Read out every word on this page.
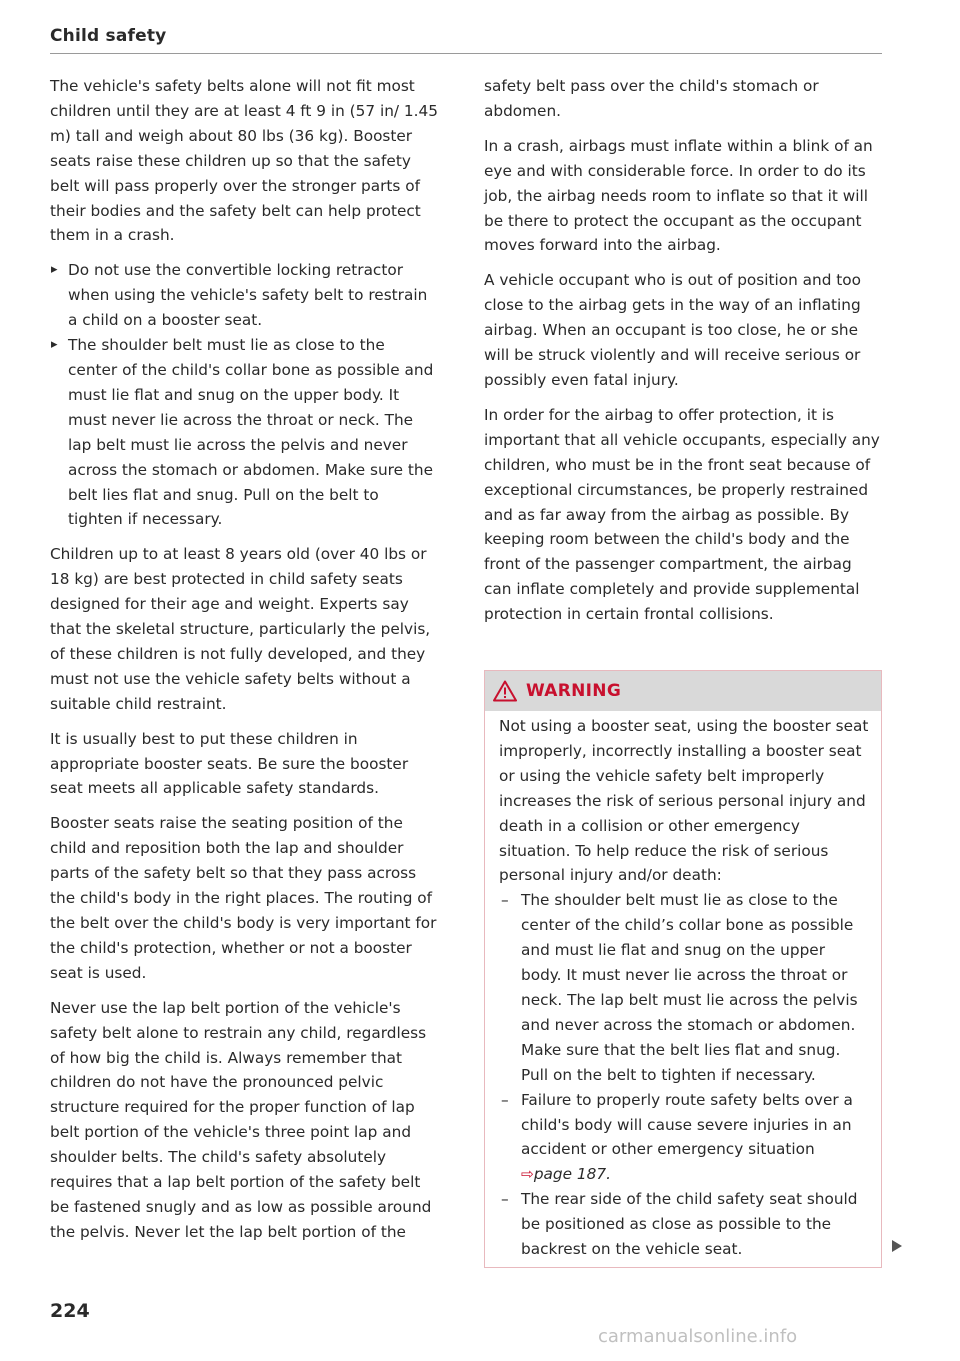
Child safety

The vehicle's safety belts alone will not fit most children until they are at least 4 ft 9 in (57 in/ 1.45 m) tall and weigh about 80 lbs (36 kg). Booster seats raise these children up so that the safety belt will pass properly over the stronger parts of their bodies and the safety belt can help protect them in a crash.

▸ Do not use the convertible locking retractor when using the vehicle's safety belt to restrain a child on a booster seat.
▸ The shoulder belt must lie as close to the center of the child's collar bone as possible and must lie flat and snug on the upper body. It must never lie across the throat or neck. The lap belt must lie across the pelvis and never across the stomach or abdomen. Make sure the belt lies flat and snug. Pull on the belt to tighten if necessary.

Children up to at least 8 years old (over 40 lbs or 18 kg) are best protected in child safety seats designed for their age and weight. Experts say that the skeletal structure, particularly the pelvis, of these children is not fully developed, and they must not use the vehicle safety belts without a suitable child restraint.

It is usually best to put these children in appropriate booster seats. Be sure the booster seat meets all applicable safety standards.

Booster seats raise the seating position of the child and reposition both the lap and shoulder parts of the safety belt so that they pass across the child's body in the right places. The routing of the belt over the child's body is very important for the child's protection, whether or not a booster seat is used.

Never use the lap belt portion of the vehicle's safety belt alone to restrain any child, regardless of how big the child is. Always remember that children do not have the pronounced pelvic structure required for the proper function of lap belt portion of the vehicle's three point lap and shoulder belts. The child's safety absolutely requires that a lap belt portion of the safety belt be fastened snugly and as low as possible around the pelvis. Never let the lap belt portion of the

safety belt pass over the child's stomach or abdomen.

In a crash, airbags must inflate within a blink of an eye and with considerable force. In order to do its job, the airbag needs room to inflate so that it will be there to protect the occupant as the occupant moves forward into the airbag.

A vehicle occupant who is out of position and too close to the airbag gets in the way of an inflating airbag. When an occupant is too close, he or she will be struck violently and will receive serious or possibly even fatal injury.

In order for the airbag to offer protection, it is important that all vehicle occupants, especially any children, who must be in the front seat because of exceptional circumstances, be properly restrained and as far away from the airbag as possible. By keeping room between the child's body and the front of the passenger compartment, the airbag can inflate completely and provide supplemental protection in certain frontal collisions.

WARNING

Not using a booster seat, using the booster seat improperly, incorrectly installing a booster seat or using the vehicle safety belt improperly increases the risk of serious personal injury and death in a collision or other emergency situation. To help reduce the risk of serious personal injury and/or death:

– The shoulder belt must lie as close to the center of the child’s collar bone as possible and must lie flat and snug on the upper body. It must never lie across the throat or neck. The lap belt must lie across the pelvis and never across the stomach or abdomen. Make sure that the belt lies flat and snug. Pull on the belt to tighten if necessary.
– Failure to properly route safety belts over a child's body will cause severe injuries in an accident or other emergency situation ⇨page 187.
– The rear side of the child safety seat should be positioned as close as possible to the backrest on the vehicle seat.
224
carmanualsonline.info
